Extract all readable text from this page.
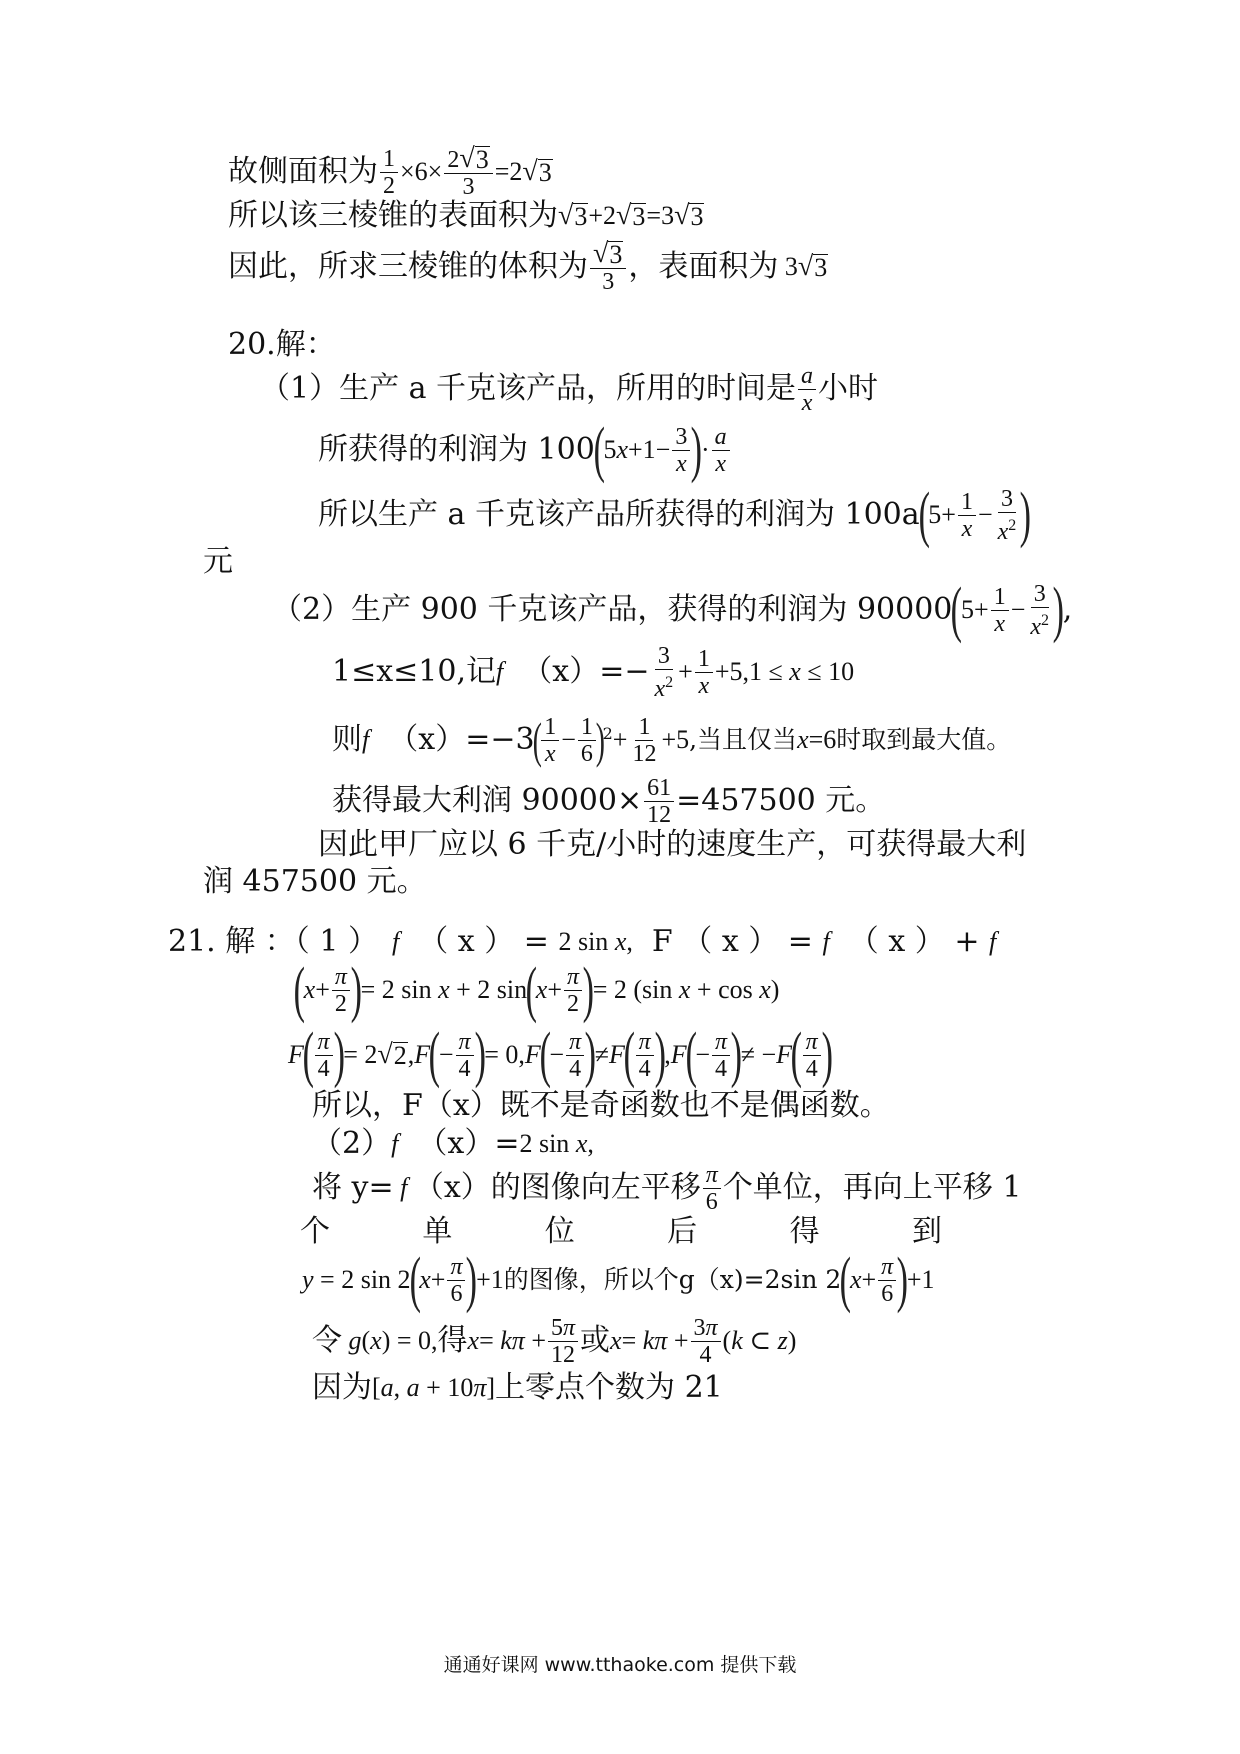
故侧面积为 $\frac{1}{2} \times 6\times \frac{2 √ 3}{3} =2$ √ 3
所以该三棱锥的表面积为 √ 3 +2 √ 3 =3 √ 3
因此，所求三棱锥的体积为 $\frac{√ 3}{3}$ ，表面积为 3 √ 3
20.解：
（1）生产 a 千克该产品，所用的时间是 $\frac{a}{x}$ 小时
所获得的利润为 100
(
5 $x +1- \frac{3}{x}$ )
· $\frac{a}{x}$
所以生产 a 千克该产品所获得的利润为 100a
(
$5+ \frac{1}{x} - \frac{3}{x^2}$ )
元
（2）生产 900 千克该产品，获得的利润为 90000
(
$5+ \frac{1}{x} - \frac{3}{x^2}$ )
,
1≤x≤10,记 f $(x)=- \frac{3}{x^2} + \frac{1}{x} +5,1 \le x \le 10$
则 f （x）=−3
( $\frac{1}{x} - \frac{1}{6}$ )
$2 + \frac{1}{12} +5$ ,当且仅当 x =6 时取到最大值。
获得最大利润 $90000\times \frac{61}{12} =457500$ 元。
因此甲厂应以 6 千克/小时的速度生产，可获得最大利
润 457500 元。
21. 解 ：（ 1 ） f （ x ） = 2 sin x, F （ x ） = f （ x ） + f
(
$x + \frac{\pi}{2}$ )
= 2 sin x + 2 sin
(
$x + \frac{\pi}{2}$ )
= 2 (sin x + cos x)
F
( $\frac{\pi}{4}$ )
= 2 √ 2 , F
(
− $\frac{\pi}{4}$ )
= 0, F
(
− $\frac{\pi}{4}$ )
≠ F
( $\frac{\pi}{4}$ )
, F
(
− $\frac{\pi}{4}$ )
≠ − F
( $\frac{\pi}{4}$ )
所以，F（x）既不是奇函数也不是偶函数。
（2） f （x）= 2 sin x,
将 y= f （x）的图像向左平移 $\frac{\pi}{6}$ 个单位，再向上平移 1
个	单	位	后	得	到
y = 2 sin 2
(
$x + \frac{\pi}{6}$ )
+1 的图像，所以个g（x)=2sin 2
(
$x + \frac{\pi}{6}$ )
+1
令 g (x) = 0, 得 $x = k\pi + \frac{5\pi}{12}$ 或 $x = k\pi + \frac{3\pi}{4} (k$ ⊂ z)
因为 [a, a + 10π] 上零点个数为 21
通通好课网 www.tthaoke.com 提供下载
